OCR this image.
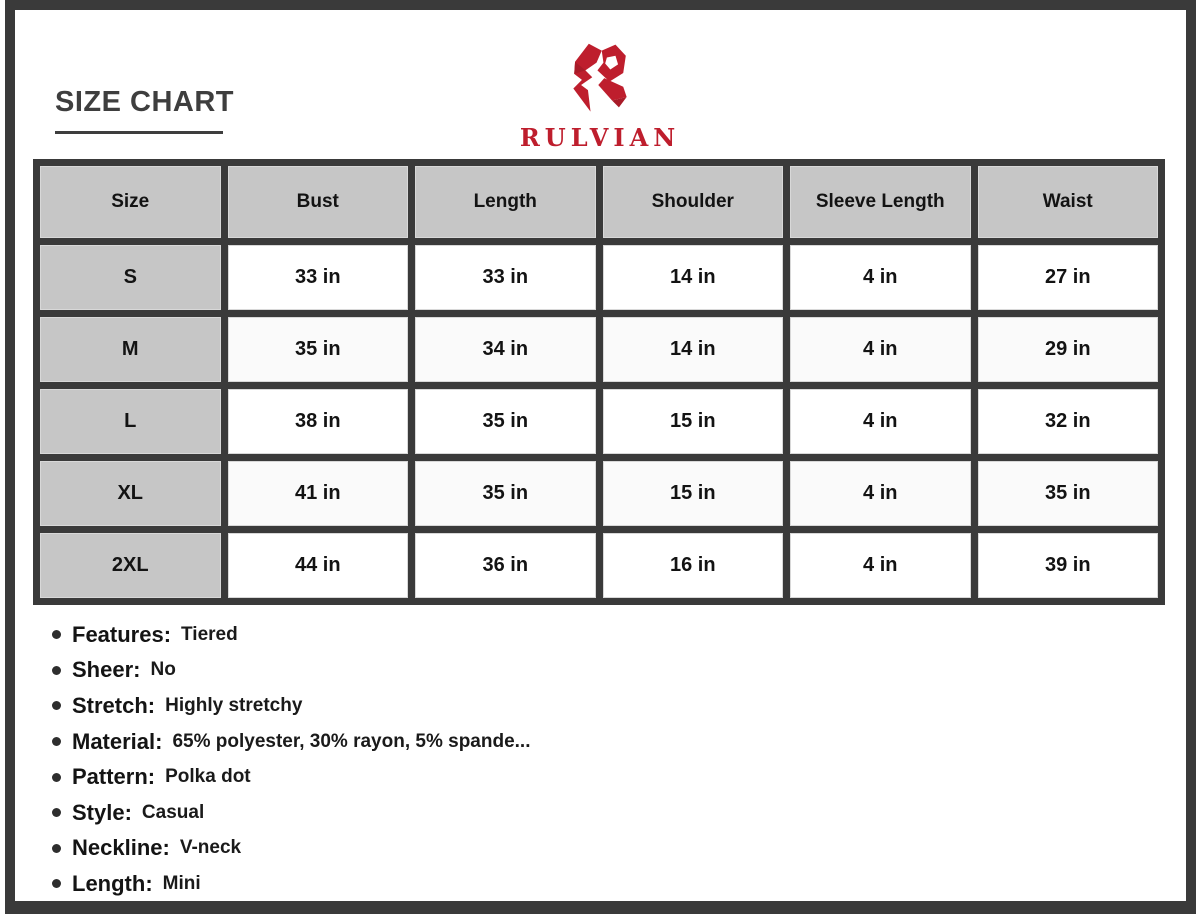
SIZE CHART
RULVIAN
Size	Bust	Length	Shoulder	Sleeve Length	Waist
S	33 in	33 in	14 in	4 in	27 in
M	35 in	34 in	14 in	4 in	29 in
L	38 in	35 in	15 in	4 in	32 in
XL	41 in	35 in	15 in	4 in	35 in
2XL	44 in	36 in	16 in	4 in	39 in
Features: Tiered
Sheer: No
Stretch: Highly stretchy
Material: 65% polyester, 30% rayon, 5% spande...
Pattern: Polka dot
Style: Casual
Neckline: V-neck
Length: Mini
